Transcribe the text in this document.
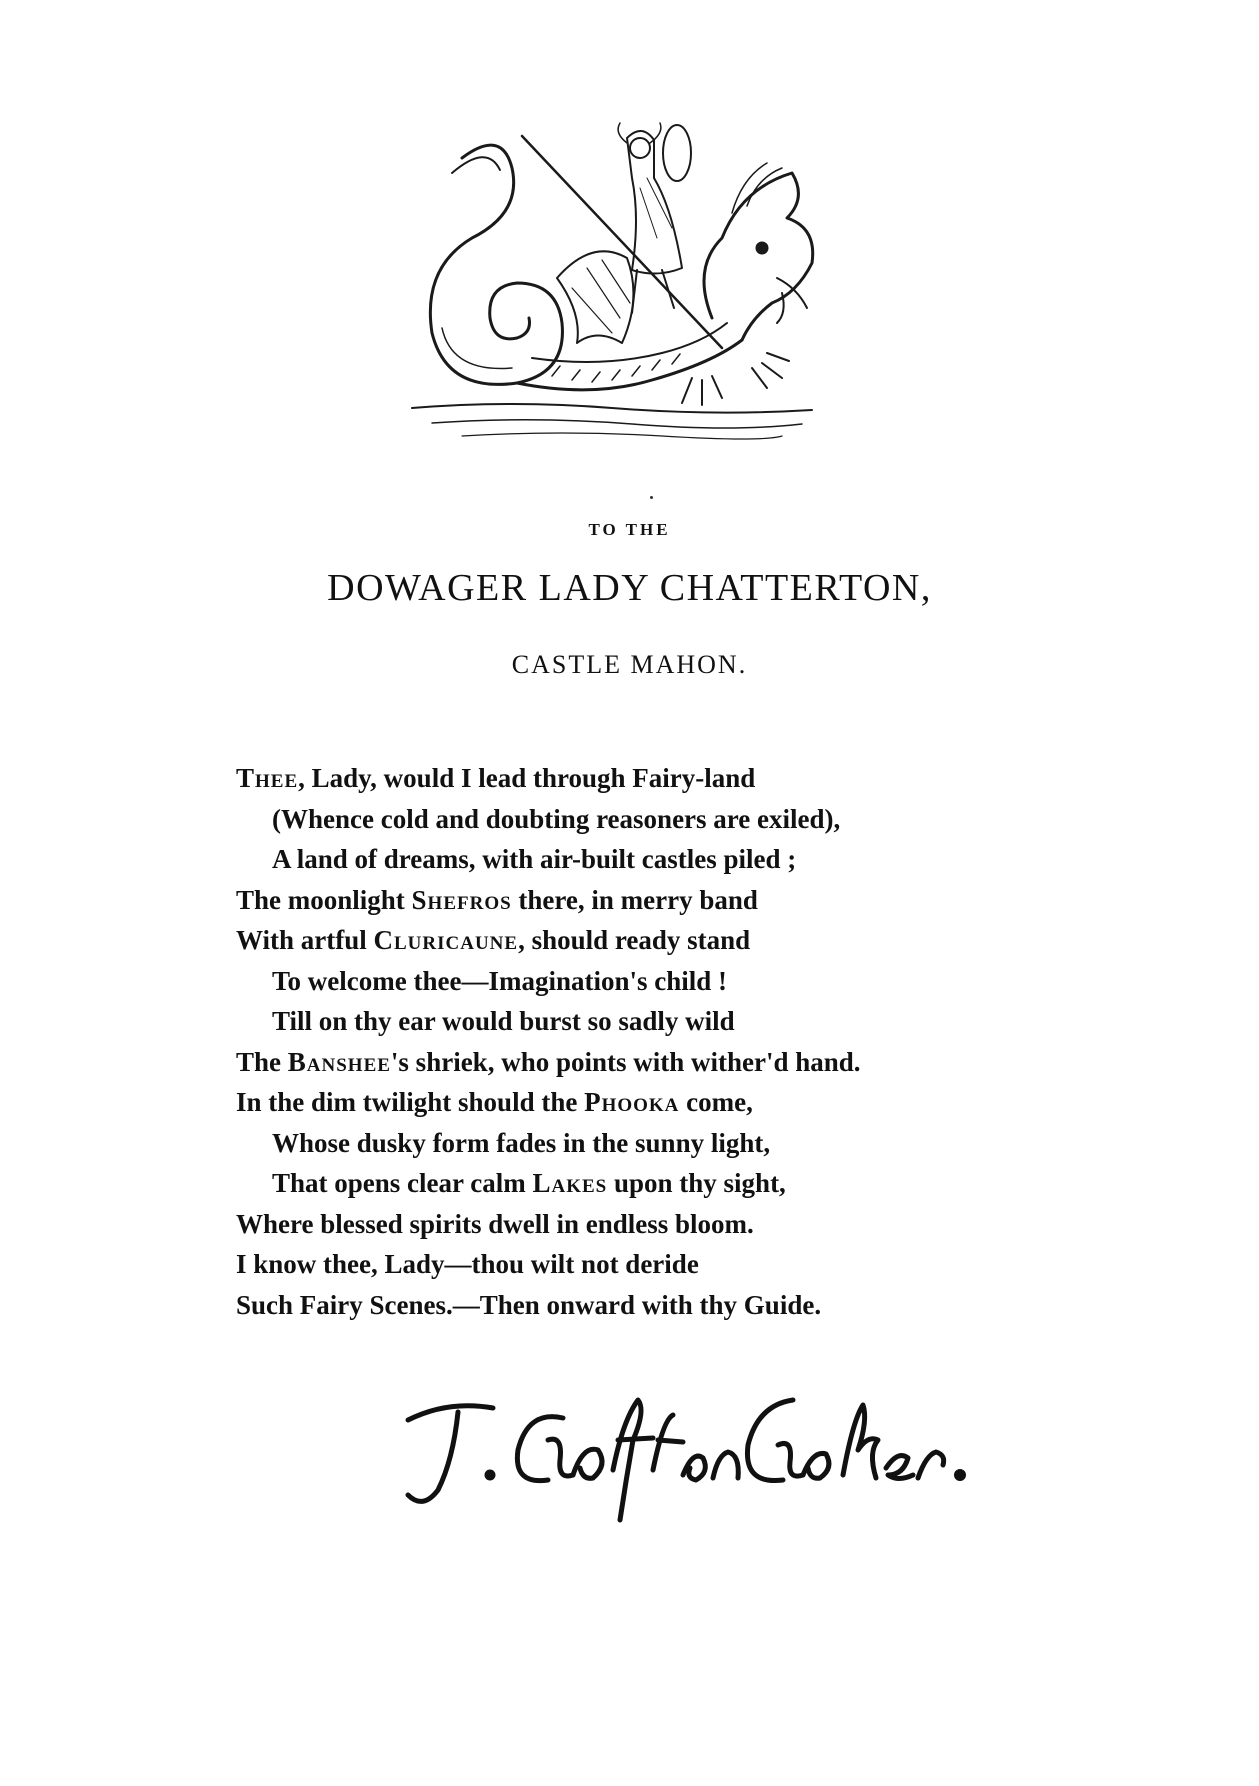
TO THE
DOWAGER LADY CHATTERTON,
CASTLE MAHON.
Thee, Lady, would I lead through Fairy-land
(Whence cold and doubting reasoners are exiled),
A land of dreams, with air-built castles piled ;
The moonlight Shefros there, in merry band
With artful Cluricaune, should ready stand
To welcome thee—Imagination's child !
Till on thy ear would burst so sadly wild
The Banshee's shriek, who points with wither'd hand.
In the dim twilight should the Phooka come,
Whose dusky form fades in the sunny light,
That opens clear calm Lakes upon thy sight,
Where blessed spirits dwell in endless bloom.
I know thee, Lady—thou wilt not deride
Such Fairy Scenes.—Then onward with thy Guide.
